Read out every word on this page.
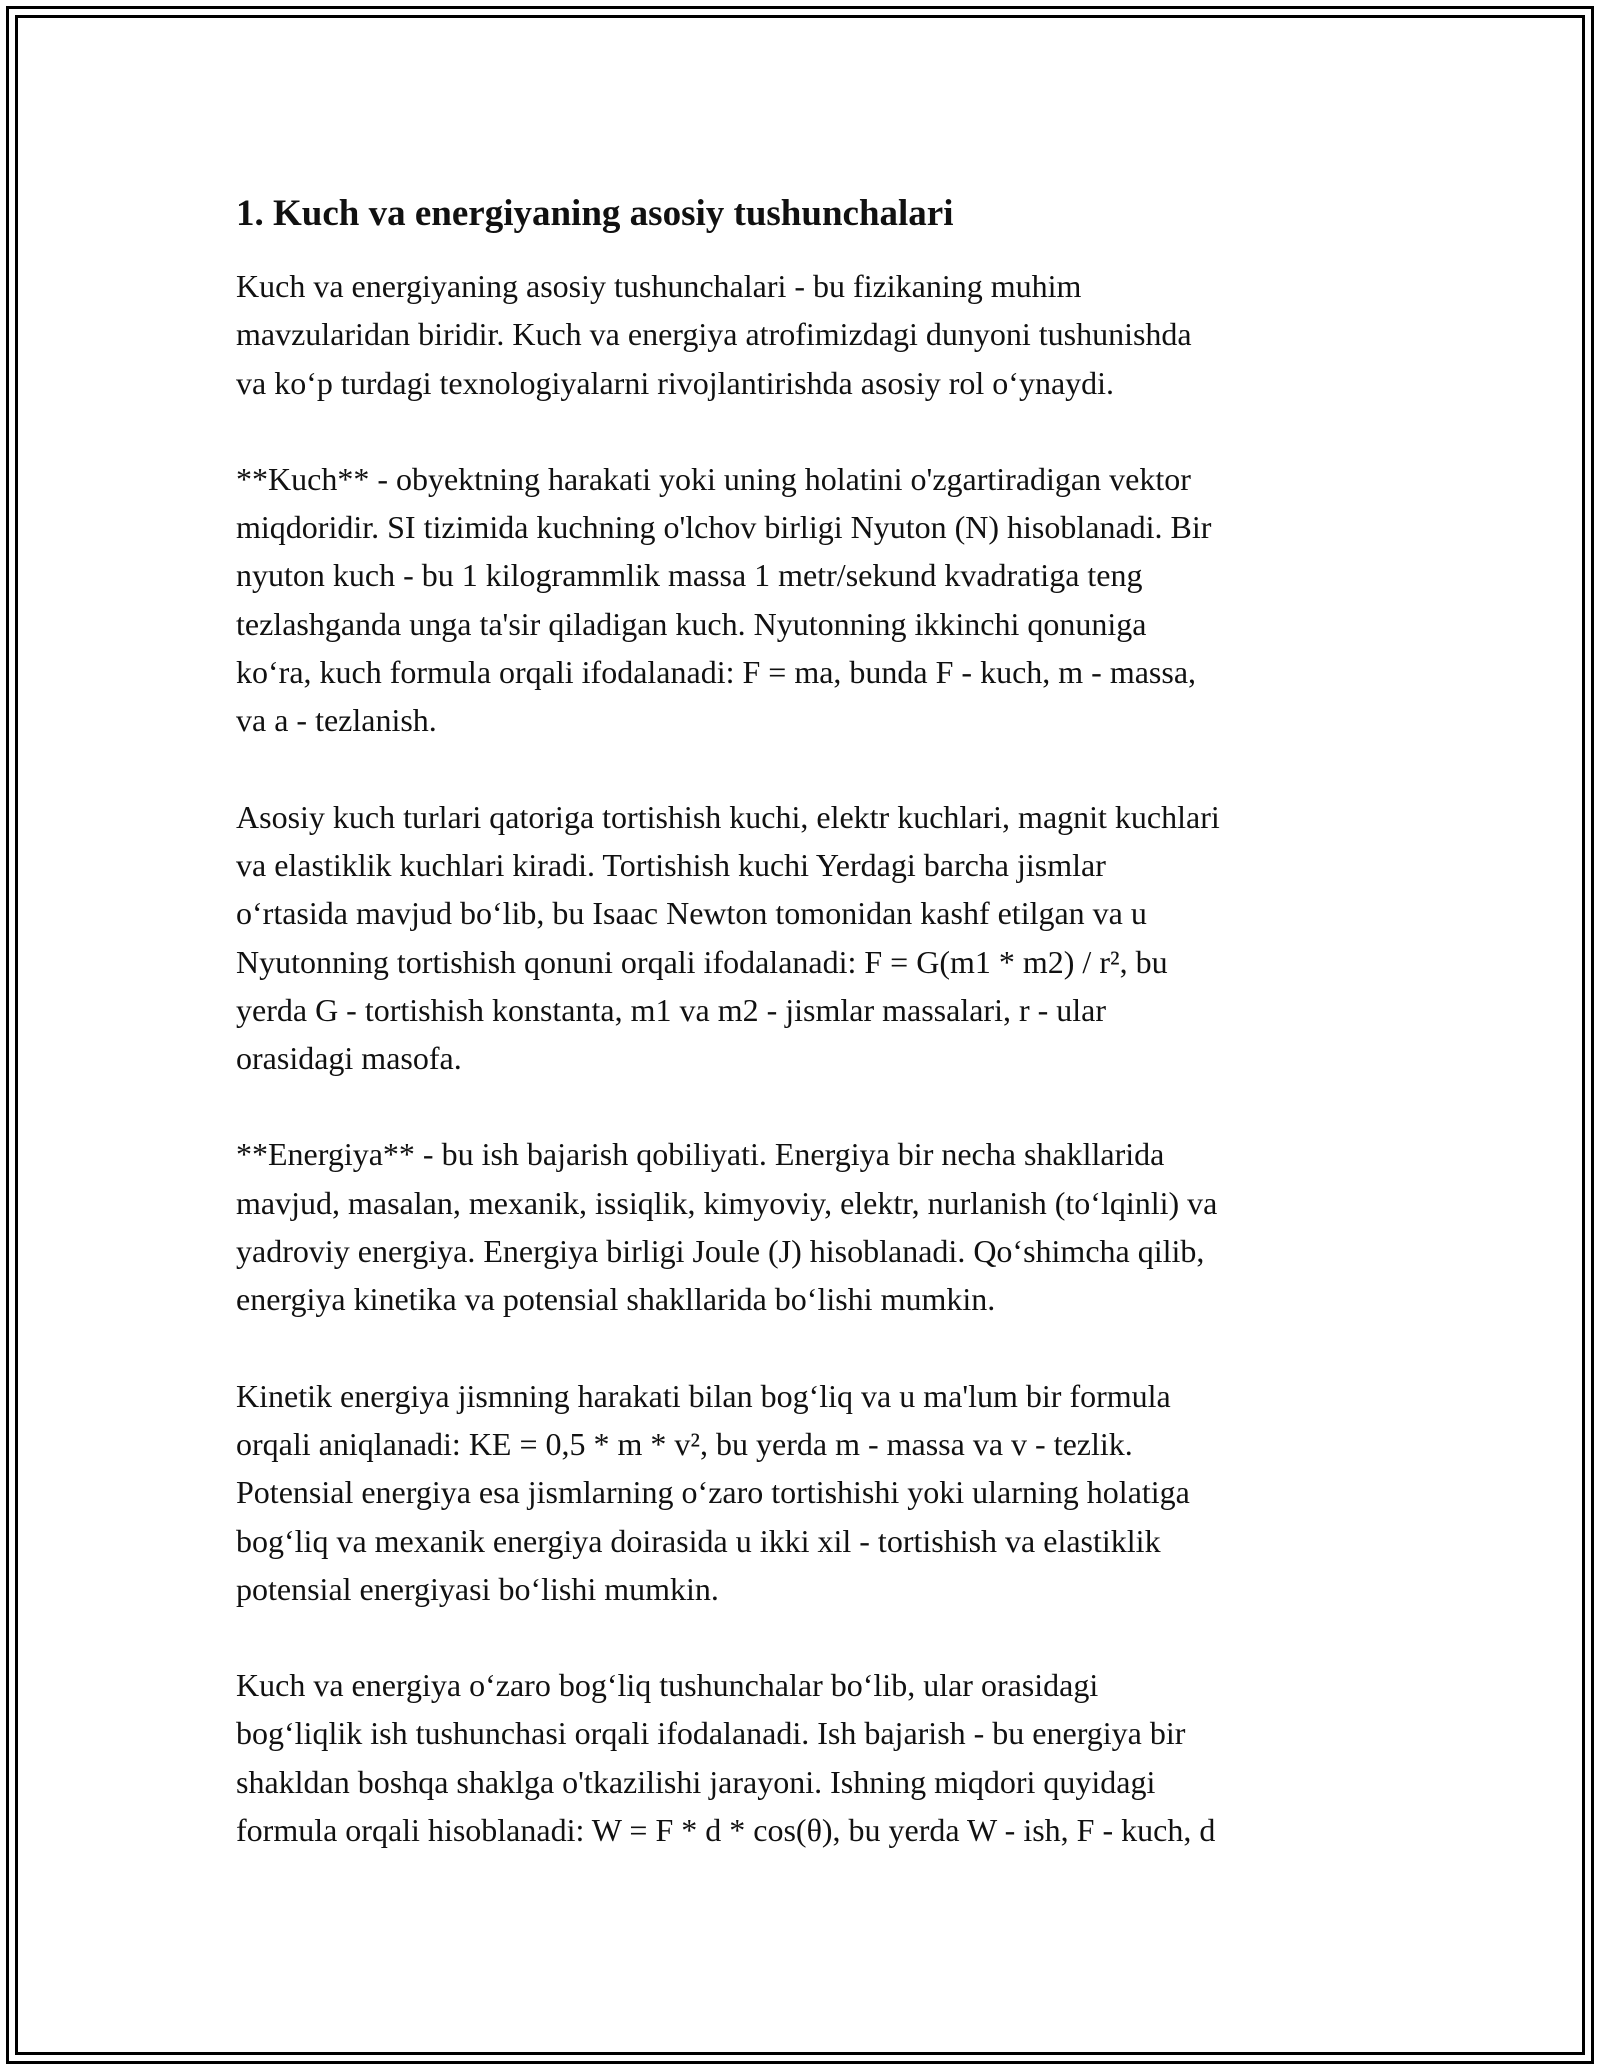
1. Kuch va energiyaning asosiy tushunchalari

Kuch va energiyaning asosiy tushunchalari - bu fizikaning muhim
mavzularidan biridir. Kuch va energiya atrofimizdagi dunyoni tushunishda
va ko‘p turdagi texnologiyalarni rivojlantirishda asosiy rol o‘ynaydi.

**Kuch** - obyektning harakati yoki uning holatini o'zgartiradigan vektor
miqdoridir. SI tizimida kuchning o'lchov birligi Nyuton (N) hisoblanadi. Bir
nyuton kuch - bu 1 kilogrammlik massa 1 metr/sekund kvadratiga teng
tezlashganda unga ta'sir qiladigan kuch. Nyutonning ikkinchi qonuniga
ko‘ra, kuch formula orqali ifodalanadi: F = ma, bunda F - kuch, m - massa,
va a - tezlanish.

Asosiy kuch turlari qatoriga tortishish kuchi, elektr kuchlari, magnit kuchlari
va elastiklik kuchlari kiradi. Tortishish kuchi Yerdagi barcha jismlar
o‘rtasida mavjud bo‘lib, bu Isaac Newton tomonidan kashf etilgan va u
Nyutonning tortishish qonuni orqali ifodalanadi: F = G(m1 * m2) / r², bu
yerda G - tortishish konstanta, m1 va m2 - jismlar massalari, r - ular
orasidagi masofa.

**Energiya** - bu ish bajarish qobiliyati. Energiya bir necha shakllarida
mavjud, masalan, mexanik, issiqlik, kimyoviy, elektr, nurlanish (to‘lqinli) va
yadroviy energiya. Energiya birligi Joule (J) hisoblanadi. Qo‘shimcha qilib,
energiya kinetika va potensial shakllarida bo‘lishi mumkin.

Kinetik energiya jismning harakati bilan bog‘liq va u ma'lum bir formula
orqali aniqlanadi: KE = 0,5 * m * v², bu yerda m - massa va v - tezlik.
Potensial energiya esa jismlarning o‘zaro tortishishi yoki ularning holatiga
bog‘liq va mexanik energiya doirasida u ikki xil - tortishish va elastiklik
potensial energiyasi bo‘lishi mumkin.

Kuch va energiya o‘zaro bog‘liq tushunchalar bo‘lib, ular orasidagi
bog‘liqlik ish tushunchasi orqali ifodalanadi. Ish bajarish - bu energiya bir
shakldan boshqa shaklga o'tkazilishi jarayoni. Ishning miqdori quyidagi
formula orqali hisoblanadi: W = F * d * cos(θ), bu yerda W - ish, F - kuch, d
